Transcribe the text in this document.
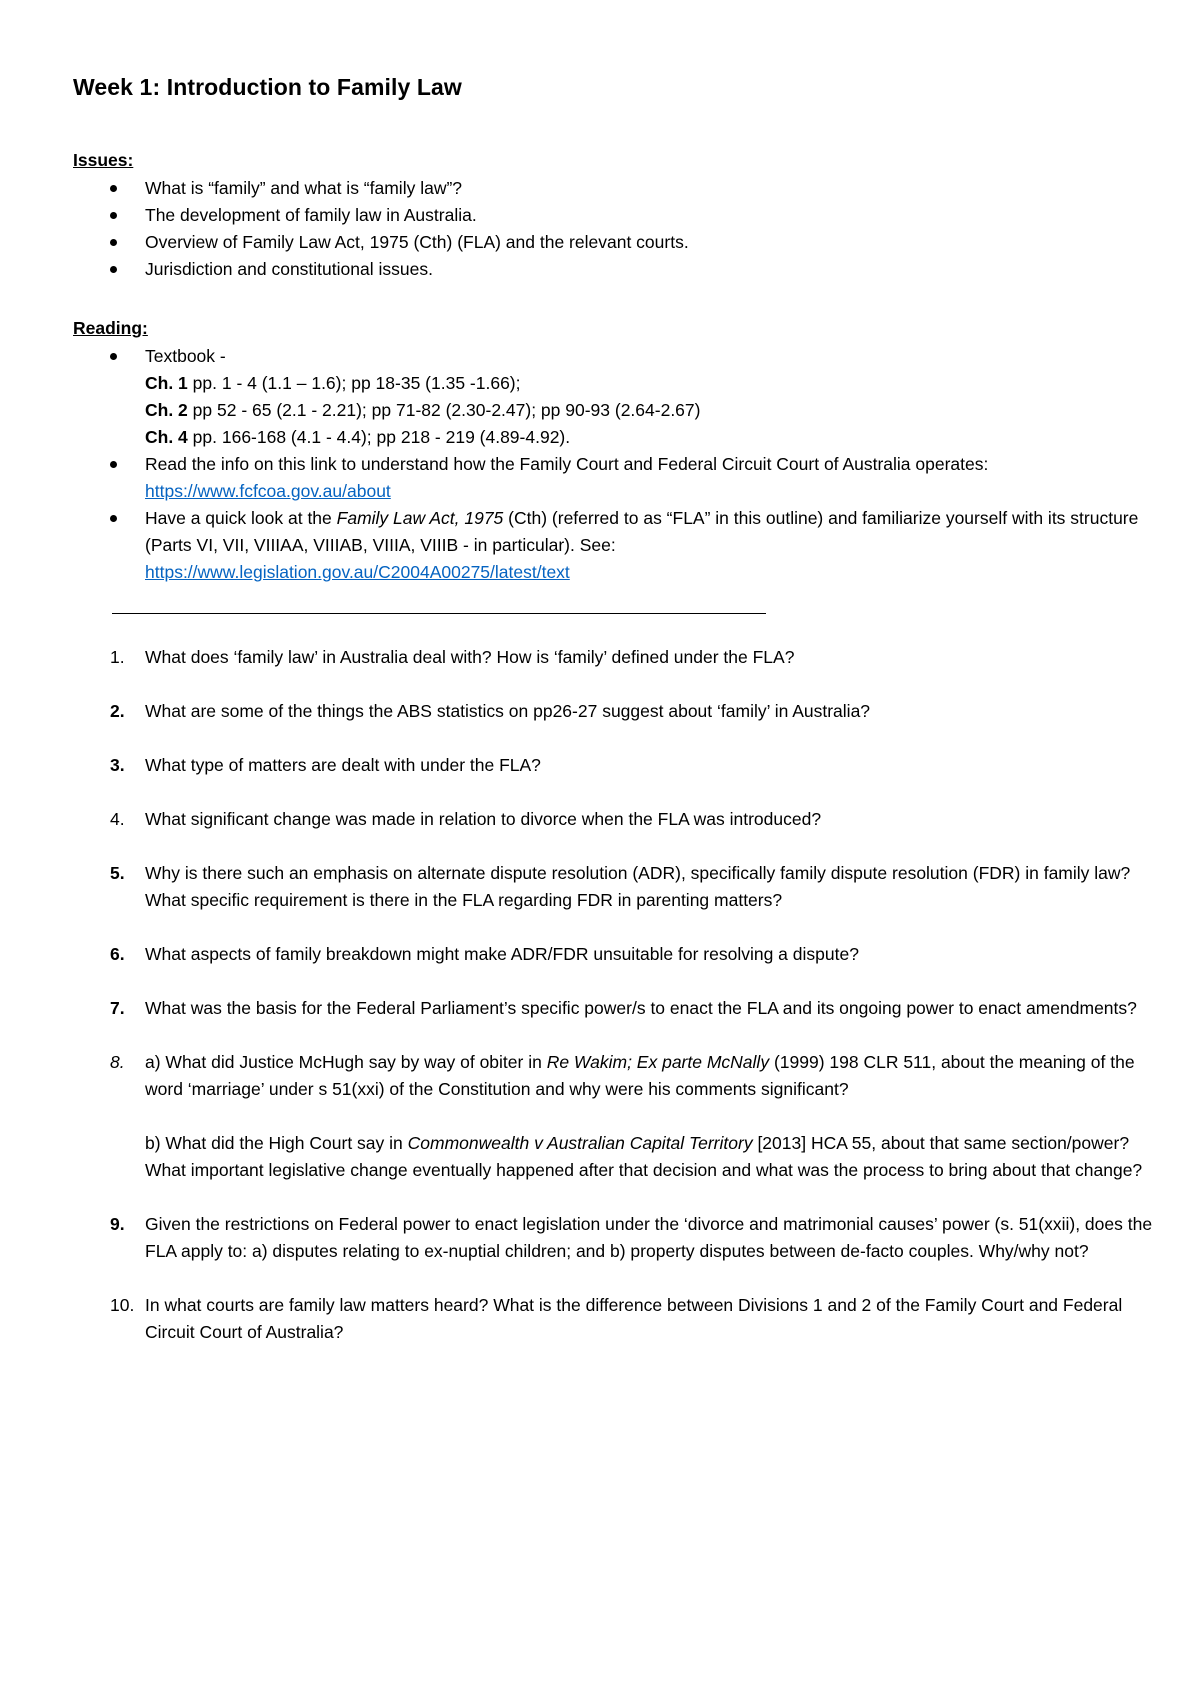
Week 1: Introduction to Family Law
Issues:
What is “family” and what is “family law”?
The development of family law in Australia.
Overview of Family Law Act, 1975 (Cth) (FLA) and the relevant courts.
Jurisdiction and constitutional issues.
Reading:
Textbook -
Ch. 1 pp. 1 - 4 (1.1 – 1.6); pp 18-35 (1.35 -1.66);
Ch. 2 pp 52 - 65 (2.1 - 2.21); pp 71-82 (2.30-2.47); pp 90-93 (2.64-2.67)
Ch. 4 pp. 166-168 (4.1 - 4.4); pp 218 - 219 (4.89-4.92).
Read the info on this link to understand how the Family Court and Federal Circuit Court of Australia operates:
https://www.fcfcoa.gov.au/about
Have a quick look at the Family Law Act, 1975 (Cth) (referred to as “FLA” in this outline) and familiarize yourself with its structure (Parts VI, VII, VIIIAA, VIIIAB, VIIIA, VIIIB - in particular). See:
https://www.legislation.gov.au/C2004A00275/latest/text
1. What does ‘family law’ in Australia deal with? How is ‘family’ defined under the FLA?
2. What are some of the things the ABS statistics on pp26-27 suggest about ‘family’ in Australia?
3. What type of matters are dealt with under the FLA?
4. What significant change was made in relation to divorce when the FLA was introduced?
5. Why is there such an emphasis on alternate dispute resolution (ADR), specifically family dispute resolution (FDR) in family law? What specific requirement is there in the FLA regarding FDR in parenting matters?
6. What aspects of family breakdown might make ADR/FDR unsuitable for resolving a dispute?
7. What was the basis for the Federal Parliament’s specific power/s to enact the FLA and its ongoing power to enact amendments?
8. a) What did Justice McHugh say by way of obiter in Re Wakim; Ex parte McNally (1999) 198 CLR 511, about the meaning of the word ‘marriage’ under s 51(xxi) of the Constitution and why were his comments significant?
b) What did the High Court say in Commonwealth v Australian Capital Territory [2013] HCA 55, about that same section/power? What important legislative change eventually happened after that decision and what was the process to bring about that change?
9. Given the restrictions on Federal power to enact legislation under the ‘divorce and matrimonial causes’ power (s. 51(xxii), does the FLA apply to: a) disputes relating to ex-nuptial children; and b) property disputes between de-facto couples. Why/why not?
10. In what courts are family law matters heard? What is the difference between Divisions 1 and 2 of the Family Court and Federal Circuit Court of Australia?
